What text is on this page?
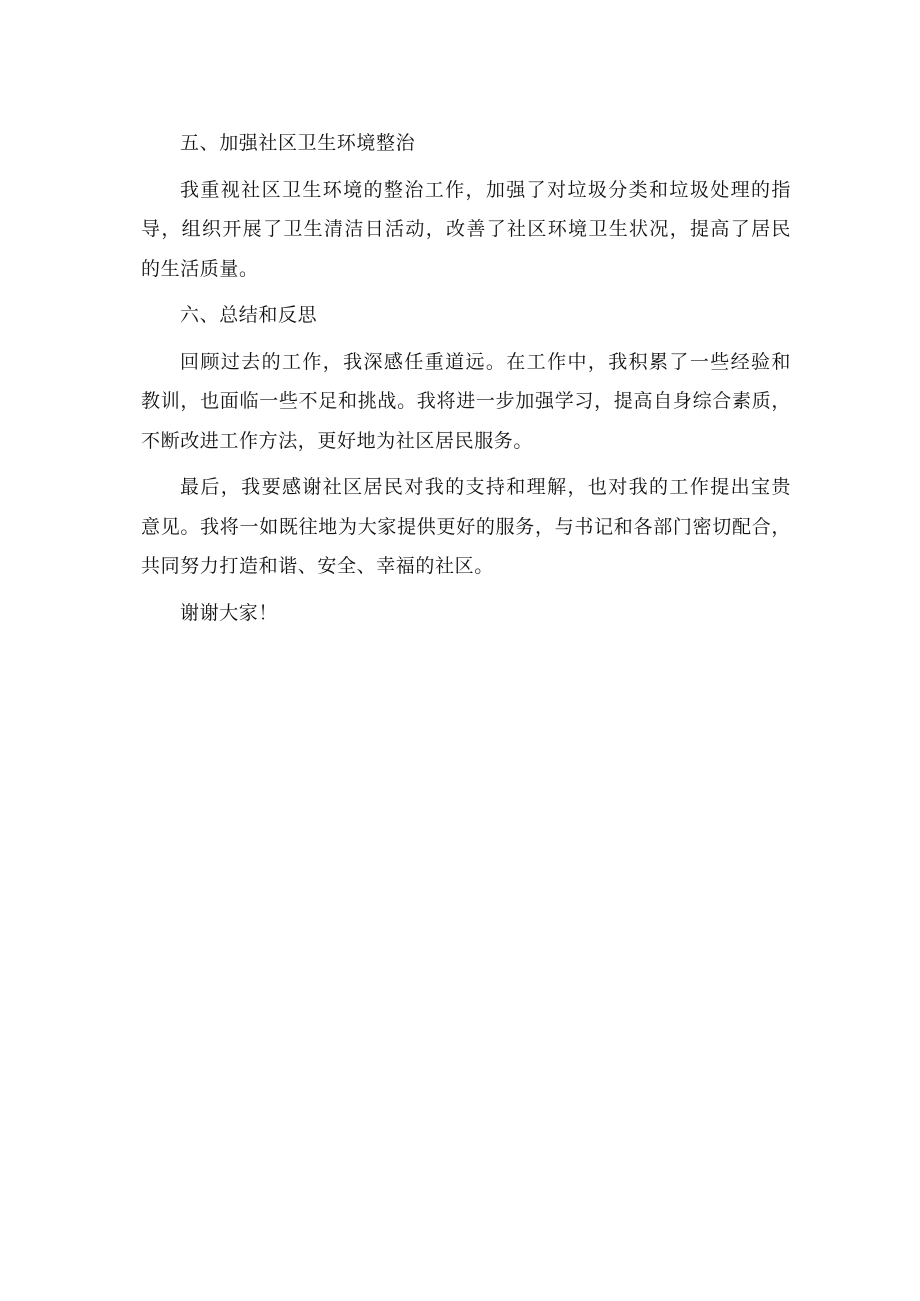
五、加强社区卫生环境整治
我重视社区卫生环境的整治工作，加强了对垃圾分类和垃圾处理的指
导，组织开展了卫生清洁日活动，改善了社区环境卫生状况，提高了居民
的生活质量。
六、总结和反思
回顾过去的工作，我深感任重道远。在工作中，我积累了一些经验和
教训，也面临一些不足和挑战。我将进一步加强学习，提高自身综合素质，
不断改进工作方法，更好地为社区居民服务。
最后，我要感谢社区居民对我的支持和理解，也对我的工作提出宝贵
意见。我将一如既往地为大家提供更好的服务，与书记和各部门密切配合，
共同努力打造和谐、安全、幸福的社区。
谢谢大家！
